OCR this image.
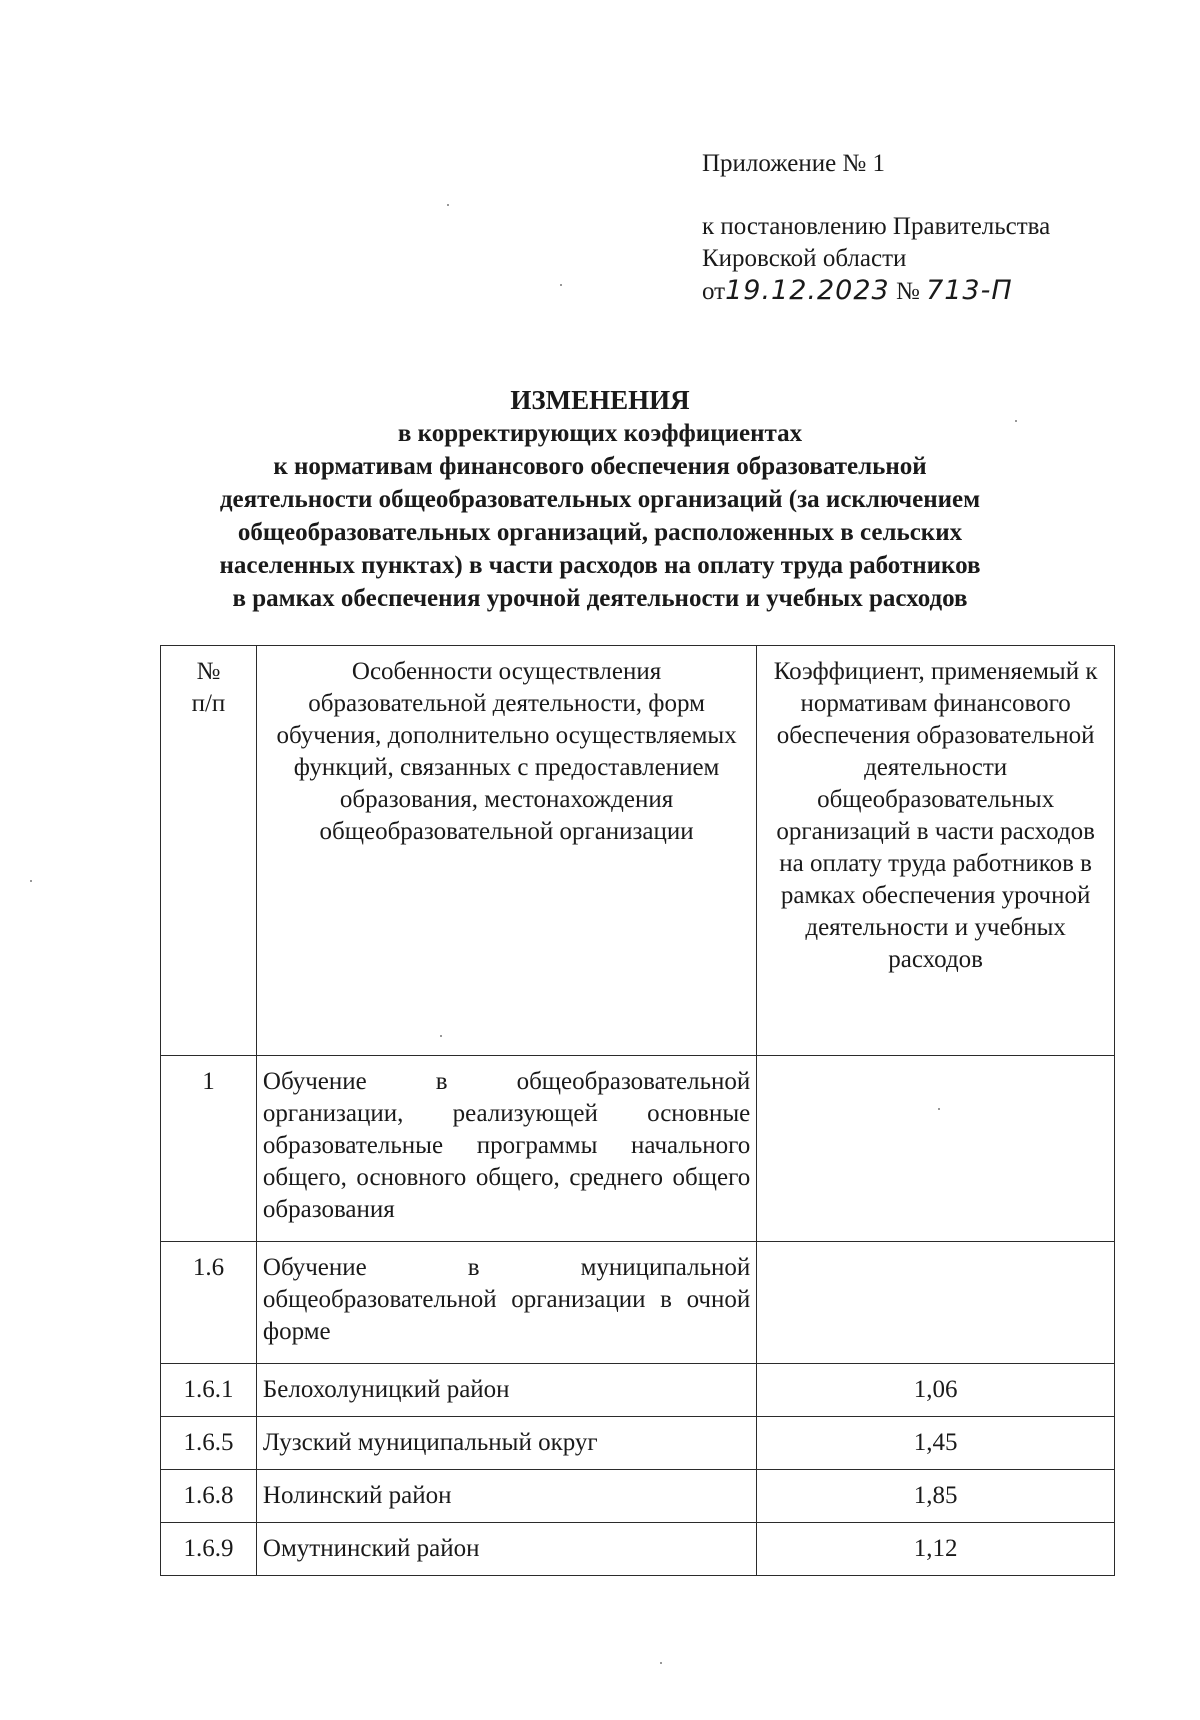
Приложение № 1
к постановлению Правительства
Кировской области
от19.12.2023 № 713-П
ИЗМЕНЕНИЯ
в корректирующих коэффициентах
к нормативам финансового обеспечения образовательной
деятельности общеобразовательных организаций (за исключением
общеобразовательных организаций, расположенных в сельских
населенных пунктах) в части расходов на оплату труда работников
в рамках обеспечения урочной деятельности и учебных расходов
№
п/п	Особенности осуществления образовательной деятельности, форм обучения, дополнительно осуществляемых функций, связанных с предоставлением образования, местонахождения общеобразовательной организации	Коэффициент, применяемый к нормативам финансового обеспечения образовательной деятельности общеобразовательных организаций в части расходов на оплату труда работников в рамках обеспечения урочной деятельности и учебных расходов
1	Обучение в общеобразовательной организации, реализующей основные образовательные программы начального общего, основного общего, среднего общего образования	
1.6	Обучение в муниципальной общеобразовательной организации в очной форме	
1.6.1	Белохолуницкий район	1,06
1.6.5	Лузский муниципальный округ	1,45
1.6.8	Нолинский район	1,85
1.6.9	Омутнинский район	1,12
